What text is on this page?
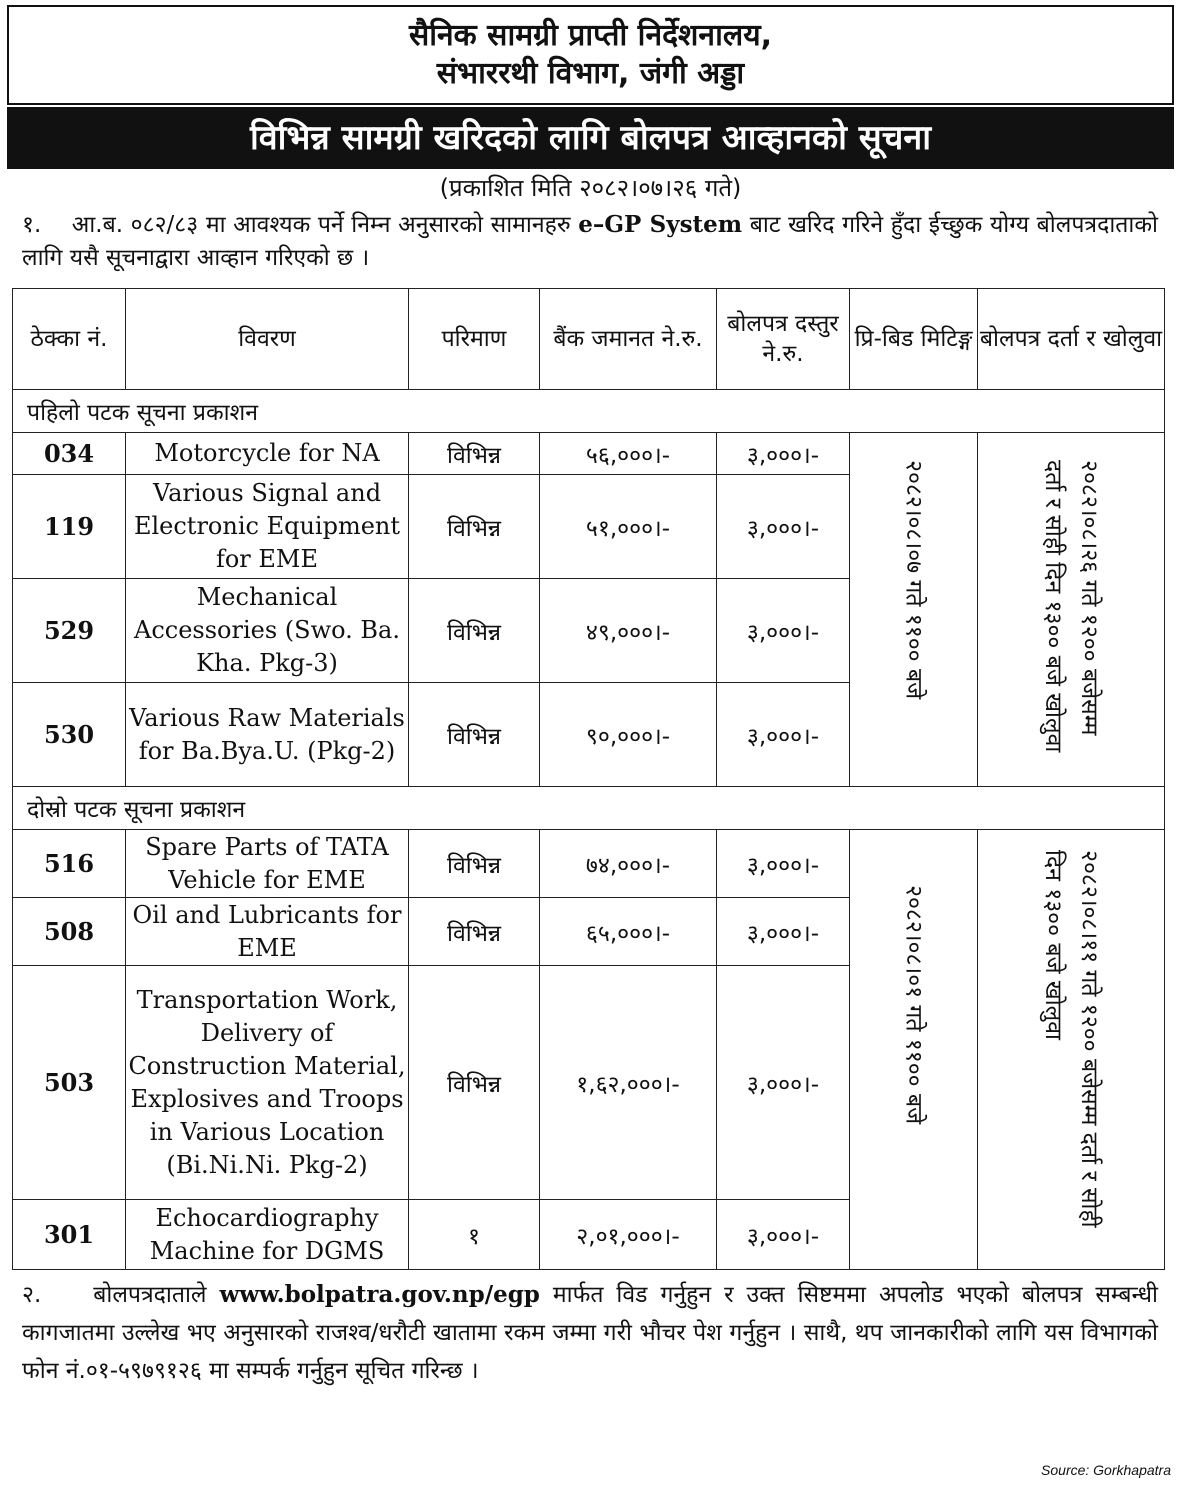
सैनिक सामग्री प्राप्ती निर्देशनालय,
संभाररथी विभाग, जंगी अड्डा
विभिन्न सामग्री खरिदको लागि बोलपत्र आव्हानको सूचना
(प्रकाशित मिति २०८२।०७।२६ गते)
१. आ.ब. ०८२/८३ मा आवश्यक पर्ने निम्न अनुसारको सामानहरु e–GP System बाट खरिद गरिने हुँदा ईच्छुक योग्य बोलपत्रदाताको लागि यसै सूचनाद्वारा आव्हान गरिएको छ ।
ठेक्का नं.	विवरण	परिमाण	बैंक जमानत ने.रु.	बोलपत्र दस्तुर ने.रु.	प्रि-बिड मिटिङ्ग	बोलपत्र दर्ता र खोलुवा
पहिलो पटक सूचना प्रकाशन						
034	Motorcycle for NA	विभिन्न	५६,०००।-	३,०००।-	२०८२।०८।०७ गते ११०० बजे	२०८२।०८।२६ गते १२०० बजेसम्म दर्ता र सोही दिन १३०० बजे खोलुवा

119	Various Signal and Electronic Equipment for EME	विभिन्न	५१,०००।-	३,०००।-		
529	Mechanical Accessories (Swo. Ba. Kha. Pkg-3)	विभिन्न	४९,०००।-	३,०००।-		
530	Various Raw Materials for Ba.Bya.U. (Pkg-2)	विभिन्न	९०,०००।-	३,०००।-		
दोस्रो पटक सूचना प्रकाशन						
516	Spare Parts of TATA Vehicle for EME	विभिन्न	७४,०००।-	३,०००।-	२०८२।०८।०१ गते ११०० बजे	२०८२।०८।११ गते १२०० बजेसम्म दर्ता र सोही दिन १३०० बजे खोलुवा

508	Oil and Lubricants for EME	विभिन्न	६५,०००।-	३,०००।-		
503	Transportation Work, Delivery of Construction Material, Explosives and Troops in Various Location (Bi.Ni.Ni. Pkg-2)	विभिन्न	१,६२,०००।-	३,०००।-		
301	Echocardiography Machine for DGMS	१	२,०१,०००।-	३,०००।-		
२. बोलपत्रदाताले www.bolpatra.gov.np/egp मार्फत विड गर्नुहुन र उक्त सिष्टममा अपलोड भएको बोलपत्र सम्बन्धी कागजातमा उल्लेख भए अनुसारको राजश्व/धरौटी खातामा रकम जम्मा गरी भौचर पेश गर्नुहुन । साथै, थप जानकारीको लागि यस विभागको फोन नं.०१-५९७९१२६ मा सम्पर्क गर्नुहुन सूचित गरिन्छ ।
Source: Gorkhapatra
